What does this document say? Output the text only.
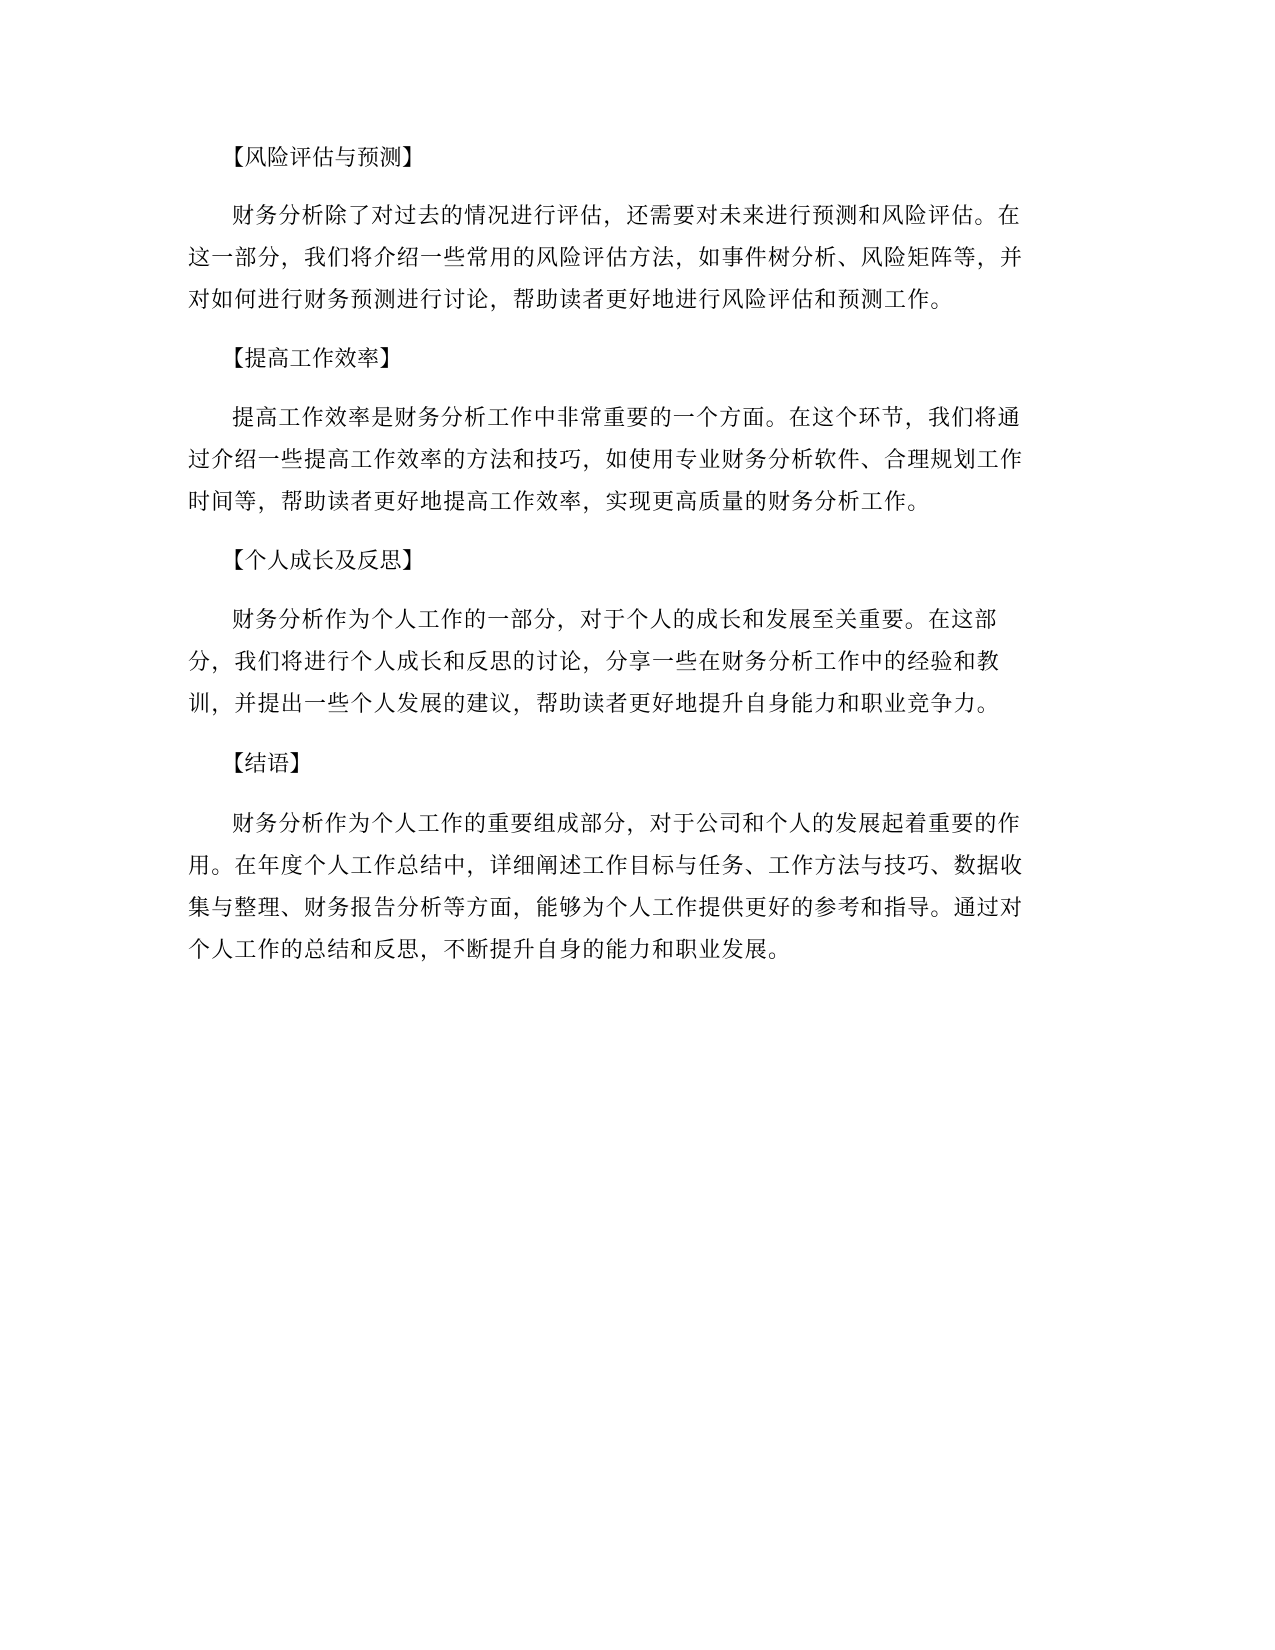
【风险评估与预测】

财务分析除了对过去的情况进行评估，还需要对未来进行预测和风险评估。在
这一部分，我们将介绍一些常用的风险评估方法，如事件树分析、风险矩阵等，并
对如何进行财务预测进行讨论，帮助读者更好地进行风险评估和预测工作。

【提高工作效率】

提高工作效率是财务分析工作中非常重要的一个方面。在这个环节，我们将通
过介绍一些提高工作效率的方法和技巧，如使用专业财务分析软件、合理规划工作
时间等，帮助读者更好地提高工作效率，实现更高质量的财务分析工作。

【个人成长及反思】

财务分析作为个人工作的一部分，对于个人的成长和发展至关重要。在这部
分，我们将进行个人成长和反思的讨论，分享一些在财务分析工作中的经验和教
训，并提出一些个人发展的建议，帮助读者更好地提升自身能力和职业竞争力。

【结语】

财务分析作为个人工作的重要组成部分，对于公司和个人的发展起着重要的作
用。在年度个人工作总结中，详细阐述工作目标与任务、工作方法与技巧、数据收
集与整理、财务报告分析等方面，能够为个人工作提供更好的参考和指导。通过对
个人工作的总结和反思，不断提升自身的能力和职业发展。
